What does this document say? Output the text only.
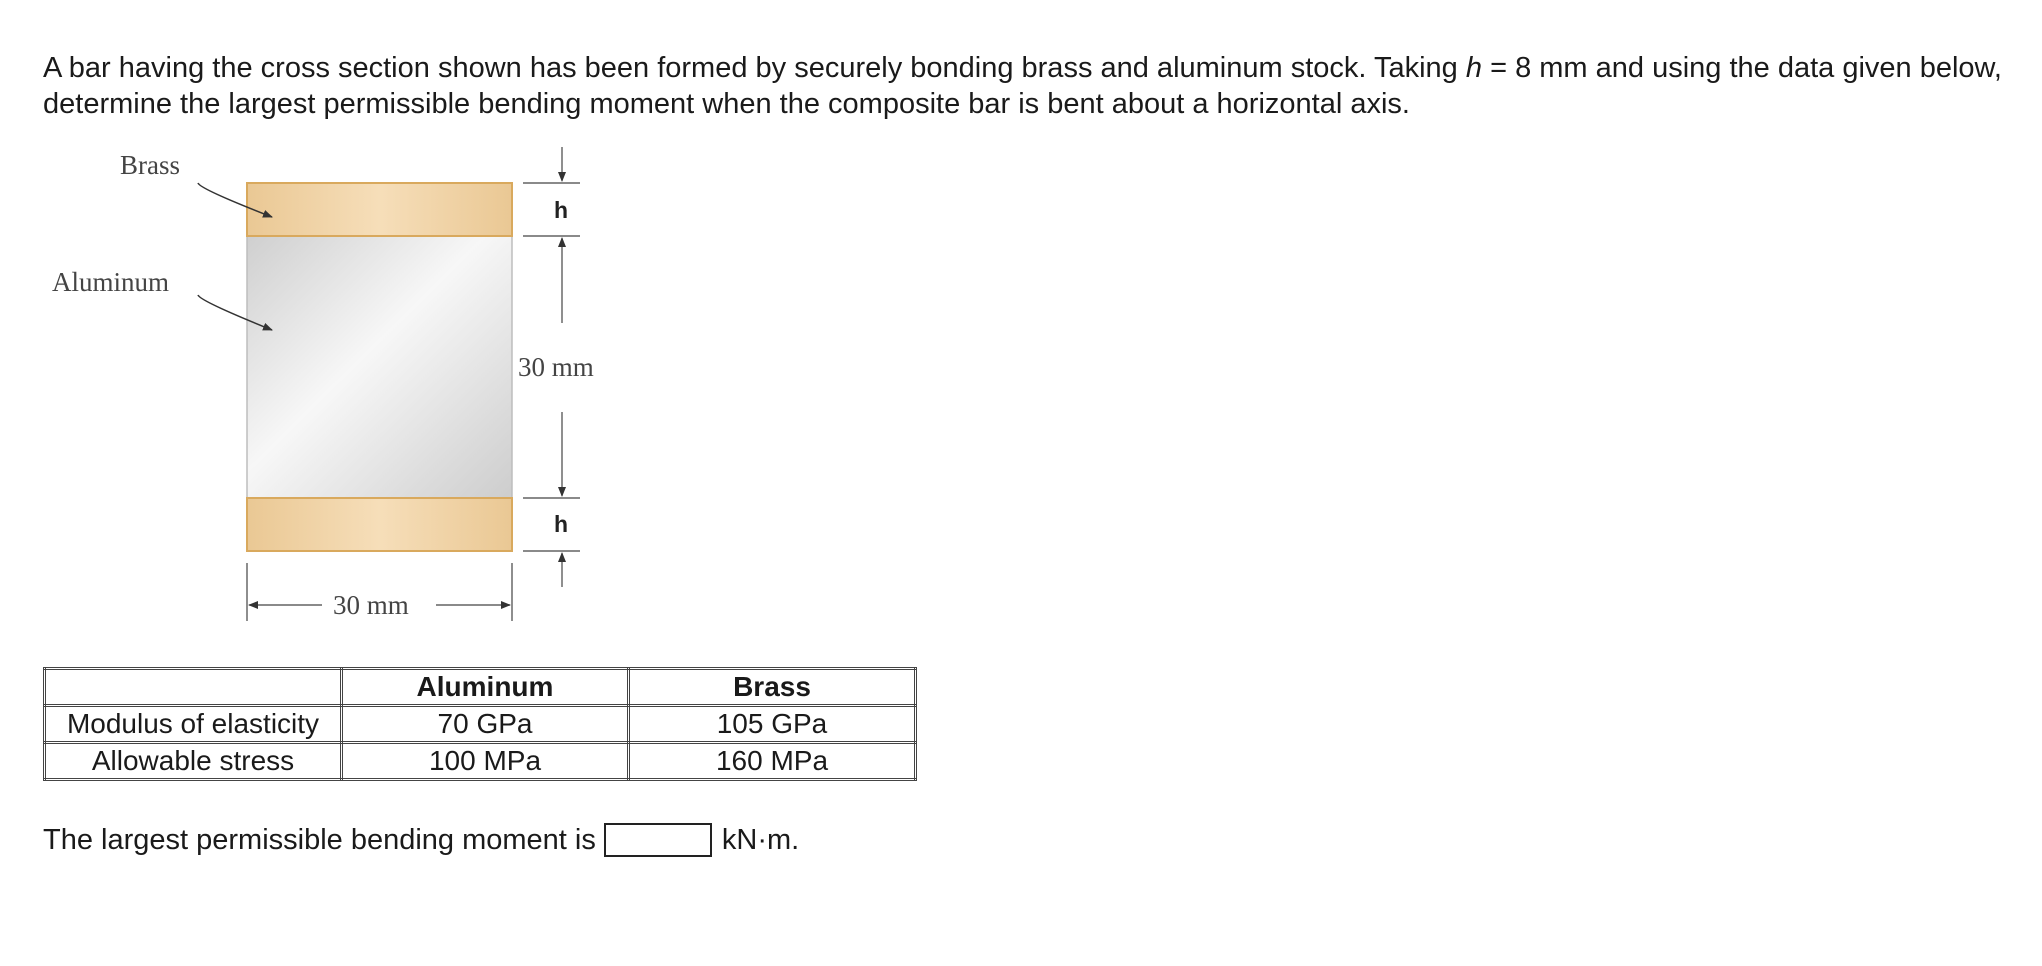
A bar having the cross section shown has been formed by securely bonding brass and aluminum stock. Taking h = 8 mm and using the data given below, determine the largest permissible bending moment when the composite bar is bent about a horizontal axis.

Brass
Aluminum
h
30 mm
h
30 mm
	Aluminum	Brass
Modulus of elasticity	70 GPa	105 GPa
Allowable stress	100 MPa	160 MPa
The largest permissible bending moment is	kN·m.
